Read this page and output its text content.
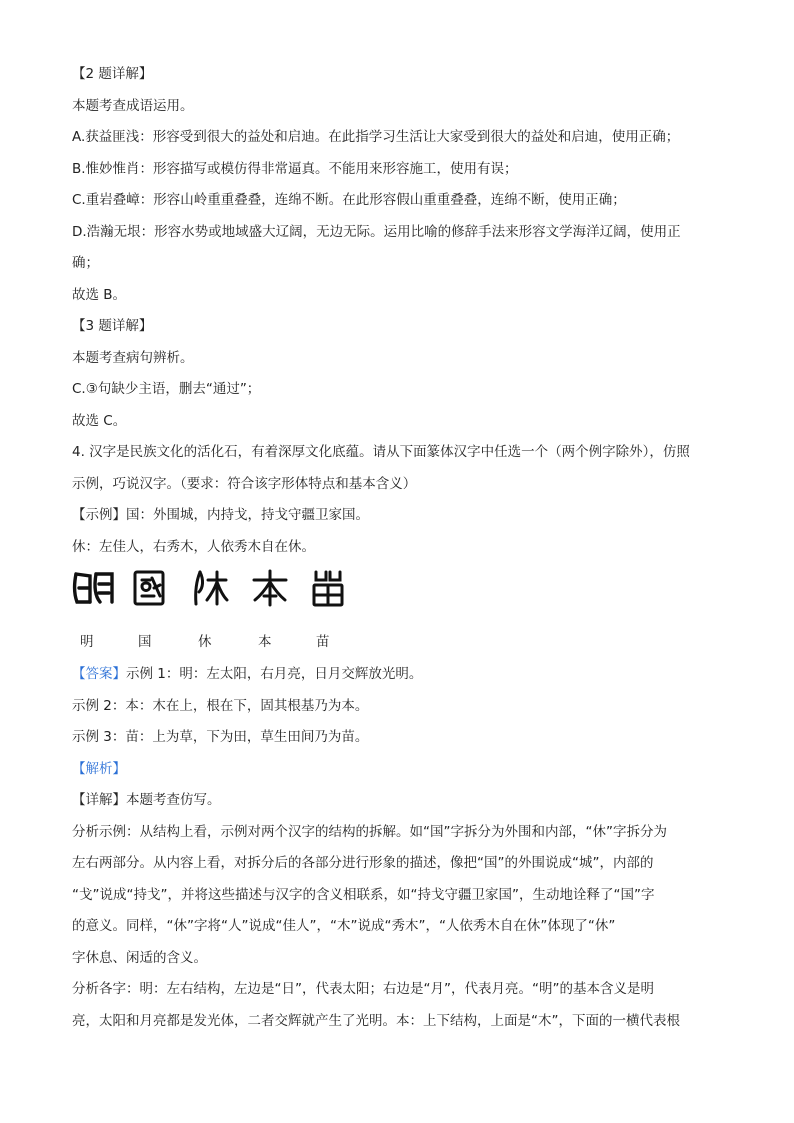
【2 题详解】
本题考查成语运用。
A.获益匪浅：形容受到很大的益处和启迪。在此指学习生活让大家受到很大的益处和启迪，使用正确；
B.惟妙惟肖：形容描写或模仿得非常逼真。不能用来形容施工，使用有误；
C.重岩叠嶂：形容山岭重重叠叠，连绵不断。在此形容假山重重叠叠，连绵不断，使用正确；
D.浩瀚无垠：形容水势或地域盛大辽阔，无边无际。运用比喻的修辞手法来形容文学海洋辽阔，使用正
确；
故选 B。
【3 题详解】
本题考查病句辨析。
C.③句缺少主语，删去“通过”；
故选 C。
4. 汉字是民族文化的活化石，有着深厚文化底蕴。请从下面篆体汉字中任选一个（两个例字除外），仿照
示例，巧说汉字。（要求：符合该字形体特点和基本含义）
【示例】国：外围城，内持戈，持戈守疆卫家国。
休：左佳人，右秀木，人依秀木自在休。
明	国	休	本	苗
【答案】示例 1：明：左太阳，右月亮，日月交辉放光明。
示例 2：本：木在上，根在下，固其根基乃为本。
示例 3：苗：上为草，下为田，草生田间乃为苗。
【解析】
【详解】本题考查仿写。
分析示例：从结构上看，示例对两个汉字的结构的拆解。如“国”字拆分为外围和内部，“休”字拆分为
左右两部分。从内容上看，对拆分后的各部分进行形象的描述，像把“国”的外围说成“城”，内部的
“戈”说成“持戈”，并将这些描述与汉字的含义相联系，如“持戈守疆卫家国”，生动地诠释了“国”字
的意义。同样，“休”字将“人”说成“佳人”，“木”说成“秀木”，“人依秀木自在休”体现了“休”
字休息、闲适的含义。
分析各字：明：左右结构，左边是“日”，代表太阳；右边是“月”，代表月亮。“明”的基本含义是明
亮，太阳和月亮都是发光体，二者交辉就产生了光明。本：上下结构，上面是“木”，下面的一横代表根
